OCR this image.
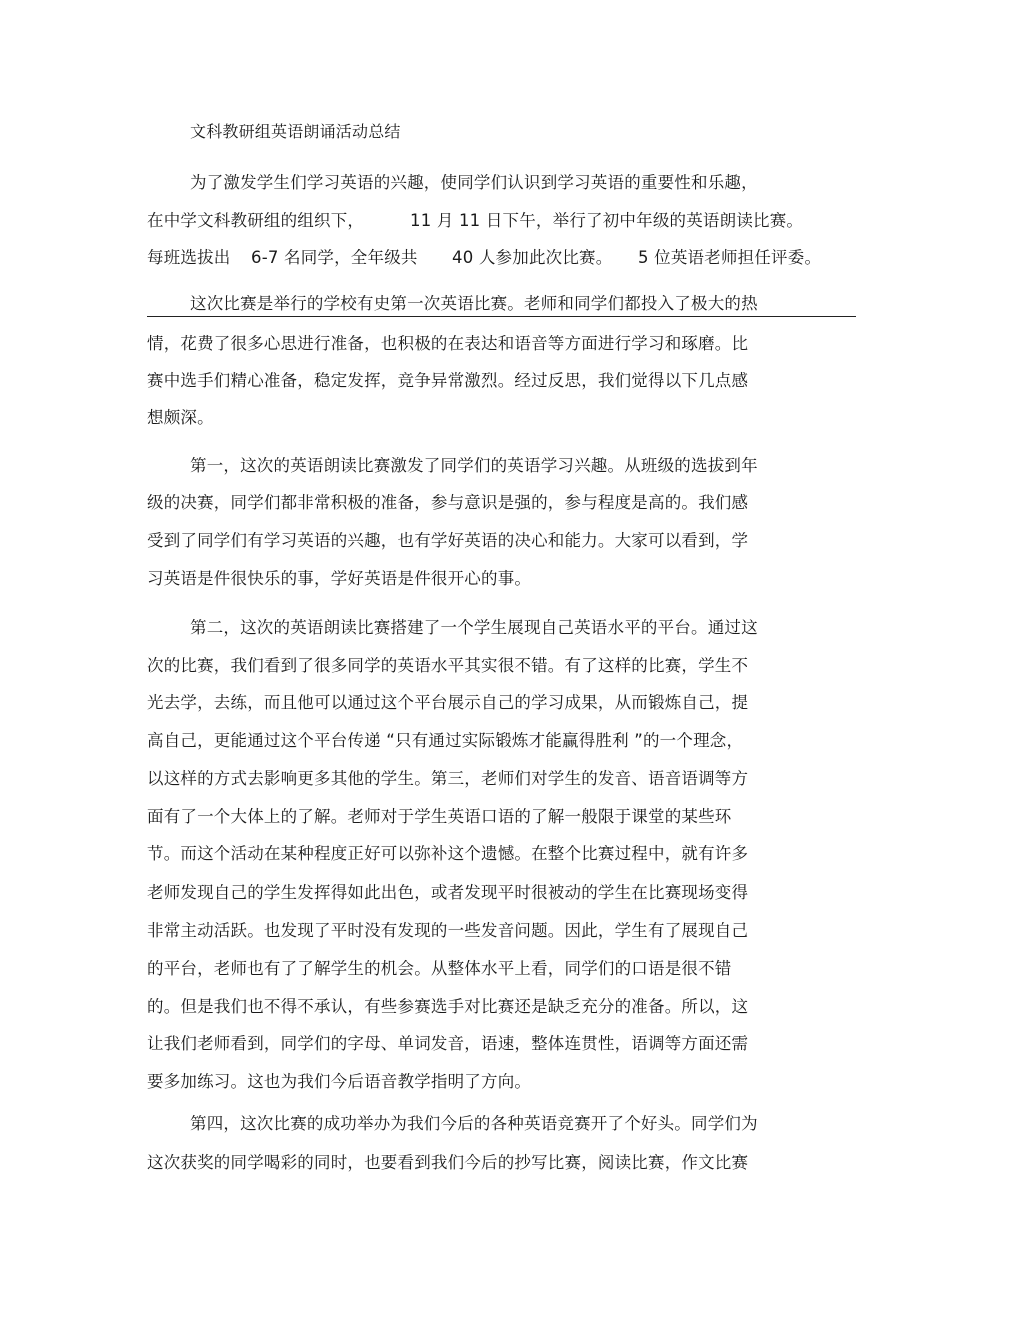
文科教研组英语朗诵活动总结
为了激发学生们学习英语的兴趣，使同学们认识到学习英语的重要性和乐趣，
在中学文科教研组的组织下，	11 月 11 日下午，举行了初中年级的英语朗读比赛。
每班选拔出 6-7 名同学，全年级共 40 人参加此次比赛。 5 位英语老师担任评委。
这次比赛是举行的学校有史第一次英语比赛。老师和同学们都投入了极大的热
情，花费了很多心思进行准备，也积极的在表达和语音等方面进行学习和琢磨。比
赛中选手们精心准备，稳定发挥，竞争异常激烈。经过反思，我们觉得以下几点感
想颇深。
第一，这次的英语朗读比赛激发了同学们的英语学习兴趣。从班级的选拔到年
级的决赛，同学们都非常积极的准备，参与意识是强的，参与程度是高的。我们感
受到了同学们有学习英语的兴趣，也有学好英语的决心和能力。大家可以看到，学
习英语是件很快乐的事，学好英语是件很开心的事。
第二，这次的英语朗读比赛搭建了一个学生展现自己英语水平的平台。通过这
次的比赛，我们看到了很多同学的英语水平其实很不错。有了这样的比赛，学生不
光去学，去练，而且他可以通过这个平台展示自己的学习成果，从而锻炼自己，提
高自己，更能通过这个平台传递 “只有通过实际锻炼才能赢得胜利 ”的一个理念，
以这样的方式去影响更多其他的学生。第三，老师们对学生的发音、语音语调等方
面有了一个大体上的了解。老师对于学生英语口语的了解一般限于课堂的某些环
节。而这个活动在某种程度正好可以弥补这个遗憾。在整个比赛过程中，就有许多
老师发现自己的学生发挥得如此出色，或者发现平时很被动的学生在比赛现场变得
非常主动活跃。也发现了平时没有发现的一些发音问题。因此，学生有了展现自己
的平台，老师也有了了解学生的机会。从整体水平上看，同学们的口语是很不错
的。但是我们也不得不承认，有些参赛选手对比赛还是缺乏充分的准备。所以，这
让我们老师看到，同学们的字母、单词发音，语速，整体连贯性，语调等方面还需
要多加练习。这也为我们今后语音教学指明了方向。
第四，这次比赛的成功举办为我们今后的各种英语竞赛开了个好头。同学们为
这次获奖的同学喝彩的同时，也要看到我们今后的抄写比赛，阅读比赛，作文比赛
